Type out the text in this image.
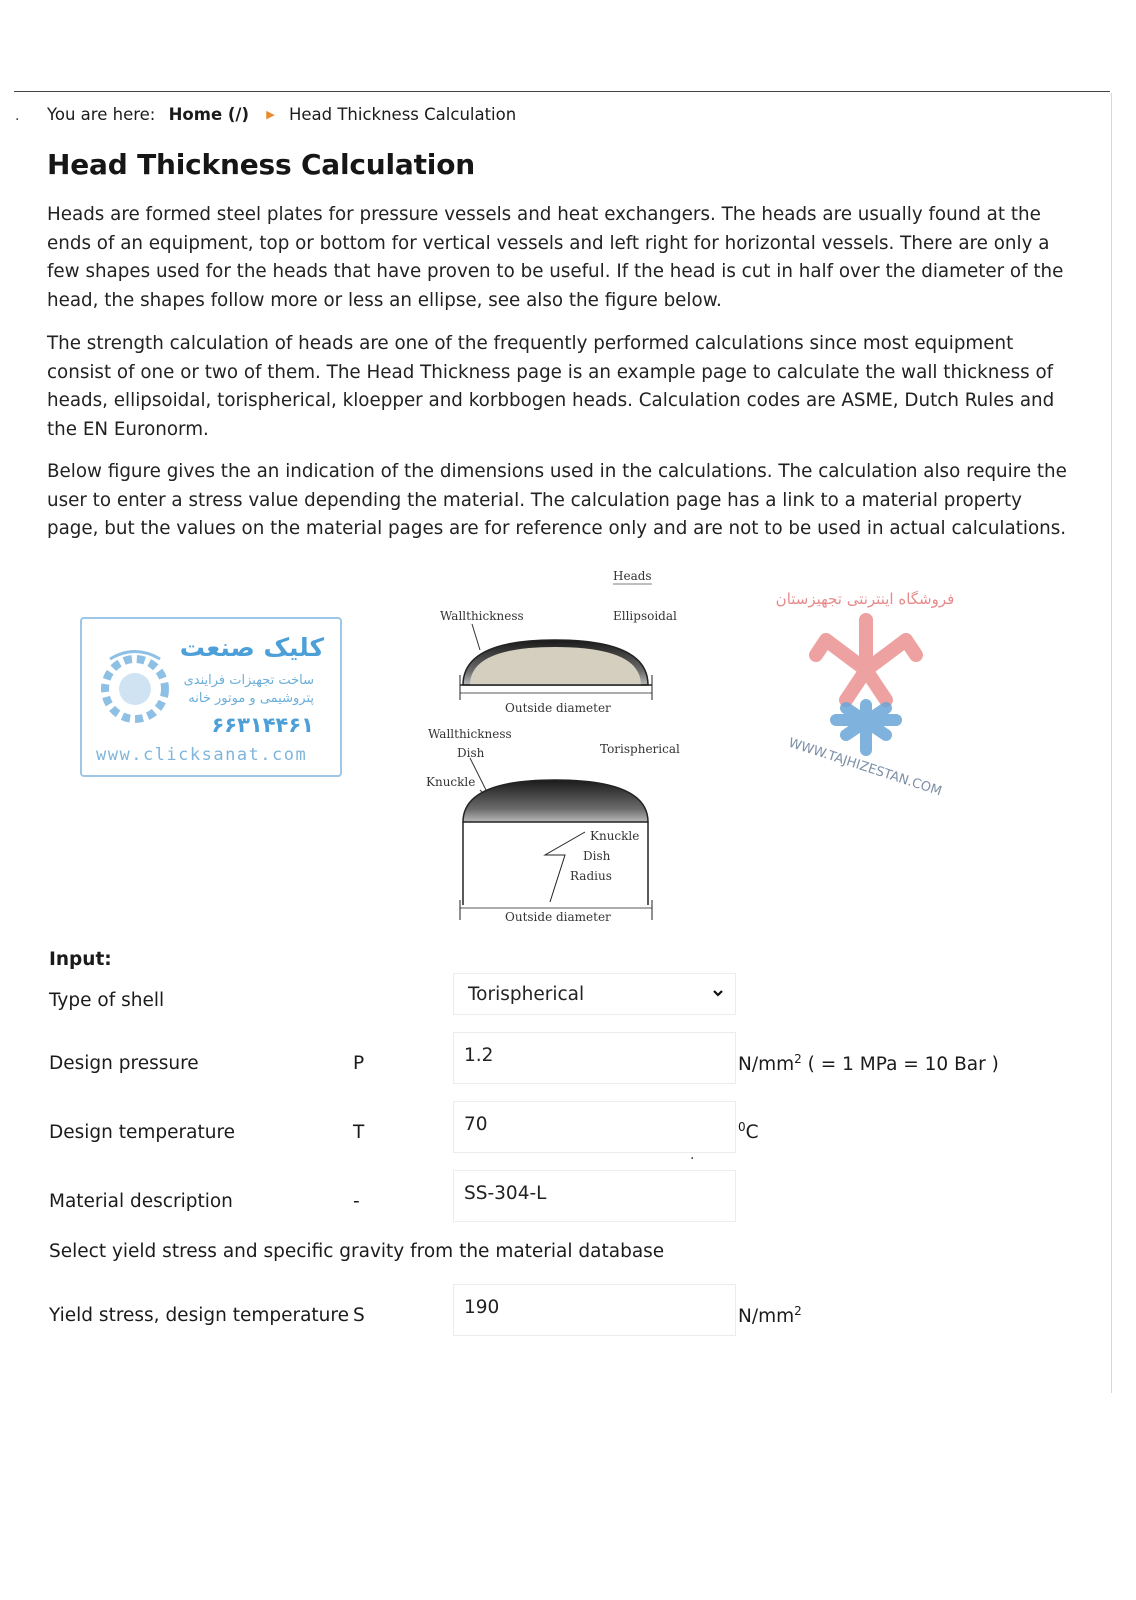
. You are here: Home (/) ▶ Head Thickness Calculation
Head Thickness Calculation

Heads are formed steel plates for pressure vessels and heat exchangers. The heads are usually found at the ends of an equipment, top or bottom for vertical vessels and left right for horizontal vessels. There are only a few shapes used for the heads that have proven to be useful. If the head is cut in half over the diameter of the head, the shapes follow more or less an ellipse, see also the figure below.

The strength calculation of heads are one of the frequently performed calculations since most equipment consist of one or two of them. The Head Thickness page is an example page to calculate the wall thickness of heads, ellipsoidal, torispherical, kloepper and korbbogen heads. Calculation codes are ASME, Dutch Rules and the EN Euronorm.

Below figure gives the an indication of the dimensions used in the calculations. The calculation also require the user to enter a stress value depending the material. The calculation page has a link to a material property page, but the values on the material pages are for reference only and are not to be used in actual calculations.

کلیک صنعت
ساخت تجهیزات فرایندی
پتروشیمی و موتور خانه
۶۶۳۱۴۴۶۱
www.clicksanat.com
Heads
Wallthickness	Ellipsoidal
Outside diameter
Wallthickness
Dish	Torispherical
Knuckle
Knuckle
Dish
Radius
Outside diameter
فروشگاه اینترنتی تجهیزستان
WWW.TAJHIZESTAN.COM
Input:
Type of shell	Torispherical
Design pressure	P	1.2	$N/mm^2$ ( = 1 MPa = 10 Bar )
Design temperature	T	70	$^0$C
.
Material description	-	SS-304-L
Select yield stress and specific gravity from the material database
Yield stress, design temperature S	190	$N/mm^2$
